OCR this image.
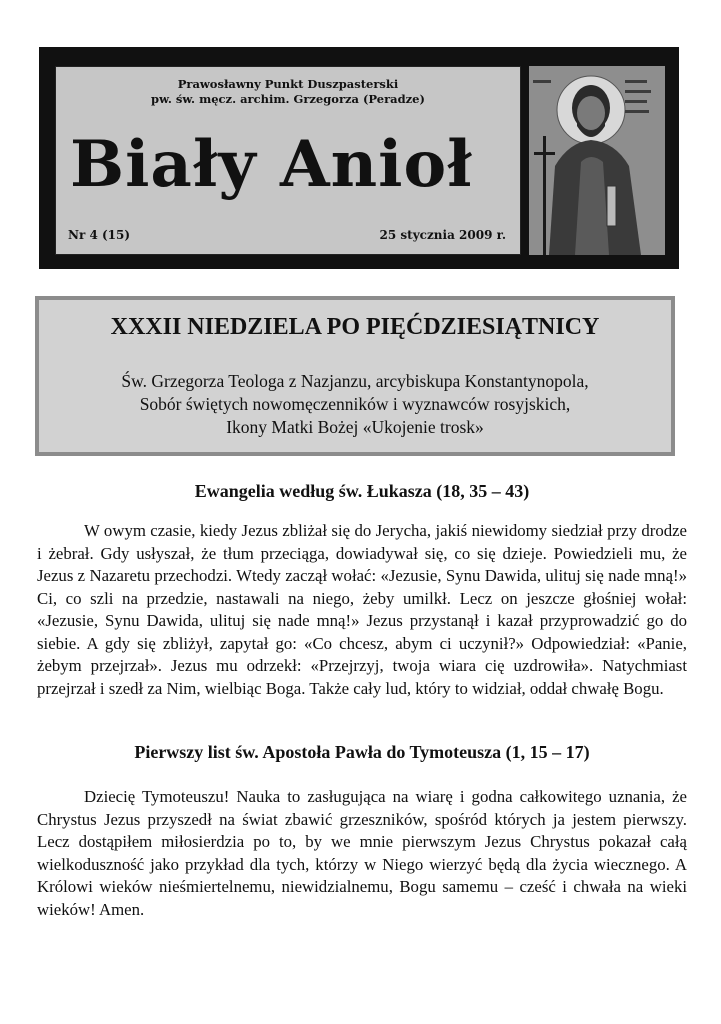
Prawosławny Punkt Duszpasterski
pw. św. męcz. archim. Grzegorza (Peradze)
Biały Anioł
Nr 4 (15)	25 stycznia 2009 r.
XXXII NIEDZIELA PO PIĘĆDZIESIĄTNICY
Św. Grzegorza Teologa z Nazjanzu, arcybiskupa Konstantynopola,
Sobór świętych nowomęczenników i wyznawców rosyjskich,
Ikony Matki Bożej «Ukojenie trosk»
Ewangelia według św. Łukasza (18, 35 – 43)

W owym czasie, kiedy Jezus zbliżał się do Jerycha, jakiś niewidomy siedział przy drodze i żebrał. Gdy usłyszał, że tłum przeciąga, dowiadywał się, co się dzieje. Powiedzieli mu, że Jezus z Nazaretu przechodzi. Wtedy zaczął wołać: «Jezusie, Synu Dawida, ulituj się nade mną!» Ci, co szli na przedzie, nastawali na niego, żeby umilkł. Lecz on jeszcze głośniej wołał: «Jezusie, Synu Dawida, ulituj się nade mną!» Jezus przystanął i kazał przyprowadzić go do siebie. A gdy się zbliżył, zapytał go: «Co chcesz, abym ci uczynił?» Odpowiedział: «Panie, żebym przejrzał». Jezus mu odrzekł: «Przejrzyj, twoja wiara cię uzdrowiła». Natychmiast przejrzał i szedł za Nim, wielbiąc Boga. Także cały lud, który to widział, oddał chwałę Bogu.

Pierwszy list św. Apostoła Pawła do Tymoteusza (1, 15 – 17)

Dziecię Tymoteuszu! Nauka to zasługująca na wiarę i godna całkowitego uznania, że Chrystus Jezus przyszedł na świat zbawić grzeszników, spośród których ja jestem pierwszy. Lecz dostąpiłem miłosierdzia po to, by we mnie pierwszym Jezus Chrystus pokazał całą wielkoduszność jako przykład dla tych, którzy w Niego wierzyć będą dla życia wiecznego. A Królowi wieków nieśmiertelnemu, niewidzialnemu, Bogu samemu – cześć i chwała na wieki wieków! Amen.
